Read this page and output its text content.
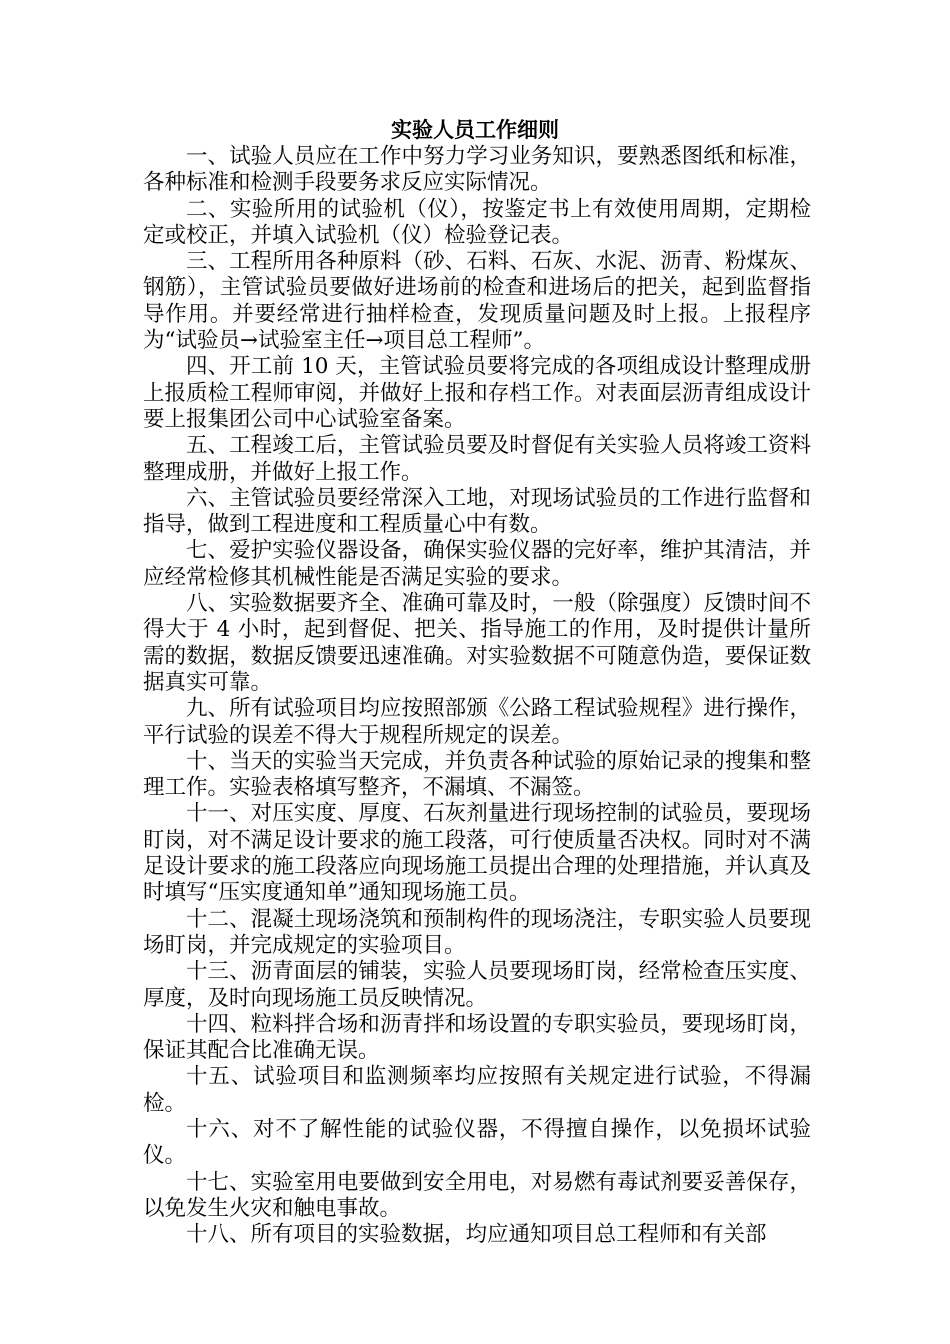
实验人员工作细则

一、试验人员应在工作中努力学习业务知识，要熟悉图纸和标准，各种标准和检测手段要务求反应实际情况。

二、实验所用的试验机（仪），按鉴定书上有效使用周期，定期检定或校正，并填入试验机（仪）检验登记表。

三、工程所用各种原料（砂、石料、石灰、水泥、沥青、粉煤灰、钢筋），主管试验员要做好进场前的检查和进场后的把关，起到监督指导作用。并要经常进行抽样检查，发现质量问题及时上报。上报程序为“试验员→试验室主任→项目总工程师”。

四、开工前 10 天，主管试验员要将完成的各项组成设计整理成册上报质检工程师审阅，并做好上报和存档工作。对表面层沥青组成设计要上报集团公司中心试验室备案。

五、工程竣工后，主管试验员要及时督促有关实验人员将竣工资料整理成册，并做好上报工作。

六、主管试验员要经常深入工地，对现场试验员的工作进行监督和指导，做到工程进度和工程质量心中有数。

七、爱护实验仪器设备，确保实验仪器的完好率，维护其清洁，并应经常检修其机械性能是否满足实验的要求。

八、实验数据要齐全、准确可靠及时，一般（除强度）反馈时间不得大于 4 小时，起到督促、把关、指导施工的作用，及时提供计量所需的数据，数据反馈要迅速准确。对实验数据不可随意伪造，要保证数据真实可靠。

九、所有试验项目均应按照部颁《公路工程试验规程》进行操作，平行试验的误差不得大于规程所规定的误差。

十、当天的实验当天完成，并负责各种试验的原始记录的搜集和整理工作。实验表格填写整齐，不漏填、不漏签。

十一、对压实度、厚度、石灰剂量进行现场控制的试验员，要现场盯岗，对不满足设计要求的施工段落，可行使质量否决权。同时对不满足设计要求的施工段落应向现场施工员提出合理的处理措施，并认真及时填写“压实度通知单”通知现场施工员。

十二、混凝土现场浇筑和预制构件的现场浇注，专职实验人员要现场盯岗，并完成规定的实验项目。

十三、沥青面层的铺装，实验人员要现场盯岗，经常检查压实度、厚度，及时向现场施工员反映情况。

十四、粒料拌合场和沥青拌和场设置的专职实验员，要现场盯岗，保证其配合比准确无误。

十五、试验项目和监测频率均应按照有关规定进行试验，不得漏检。

十六、对不了解性能的试验仪器，不得擅自操作，以免损坏试验仪。

十七、实验室用电要做到安全用电，对易燃有毒试剂要妥善保存，以免发生火灾和触电事故。

十八、所有项目的实验数据，均应通知项目总工程师和有关部
